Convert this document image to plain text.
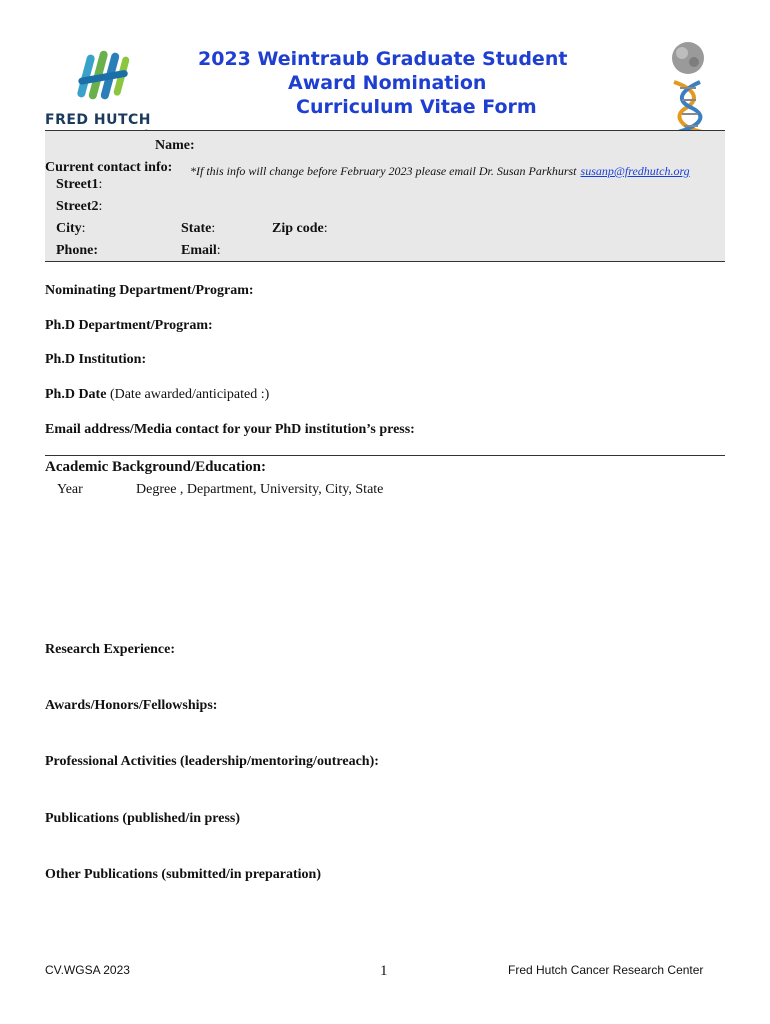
FRED HUTCH
2023 Weintraub Graduate Student
Award Nomination
Curriculum Vitae Form
Name:
Current contact info: *If this info will change before February 2023 please email Dr. Susan Parkhurst susanp@fredhutch.org
Street1:
Street2:
City:	State:	Zip code:
Phone:	Email:
Nominating Department/Program:
Ph.D Department/Program:
Ph.D Institution:
Ph.D Date (Date awarded/anticipated :)
Email address/Media contact for your PhD institution’s press:
Academic Background/Education:
Year	Degree , Department, University, City, State
Research Experience:
Awards/Honors/Fellowships:
Professional Activities (leadership/mentoring/outreach):
Publications (published/in press)
Other Publications (submitted/in preparation)
CV.WGSA 2023	1	Fred Hutch Cancer Research Center
